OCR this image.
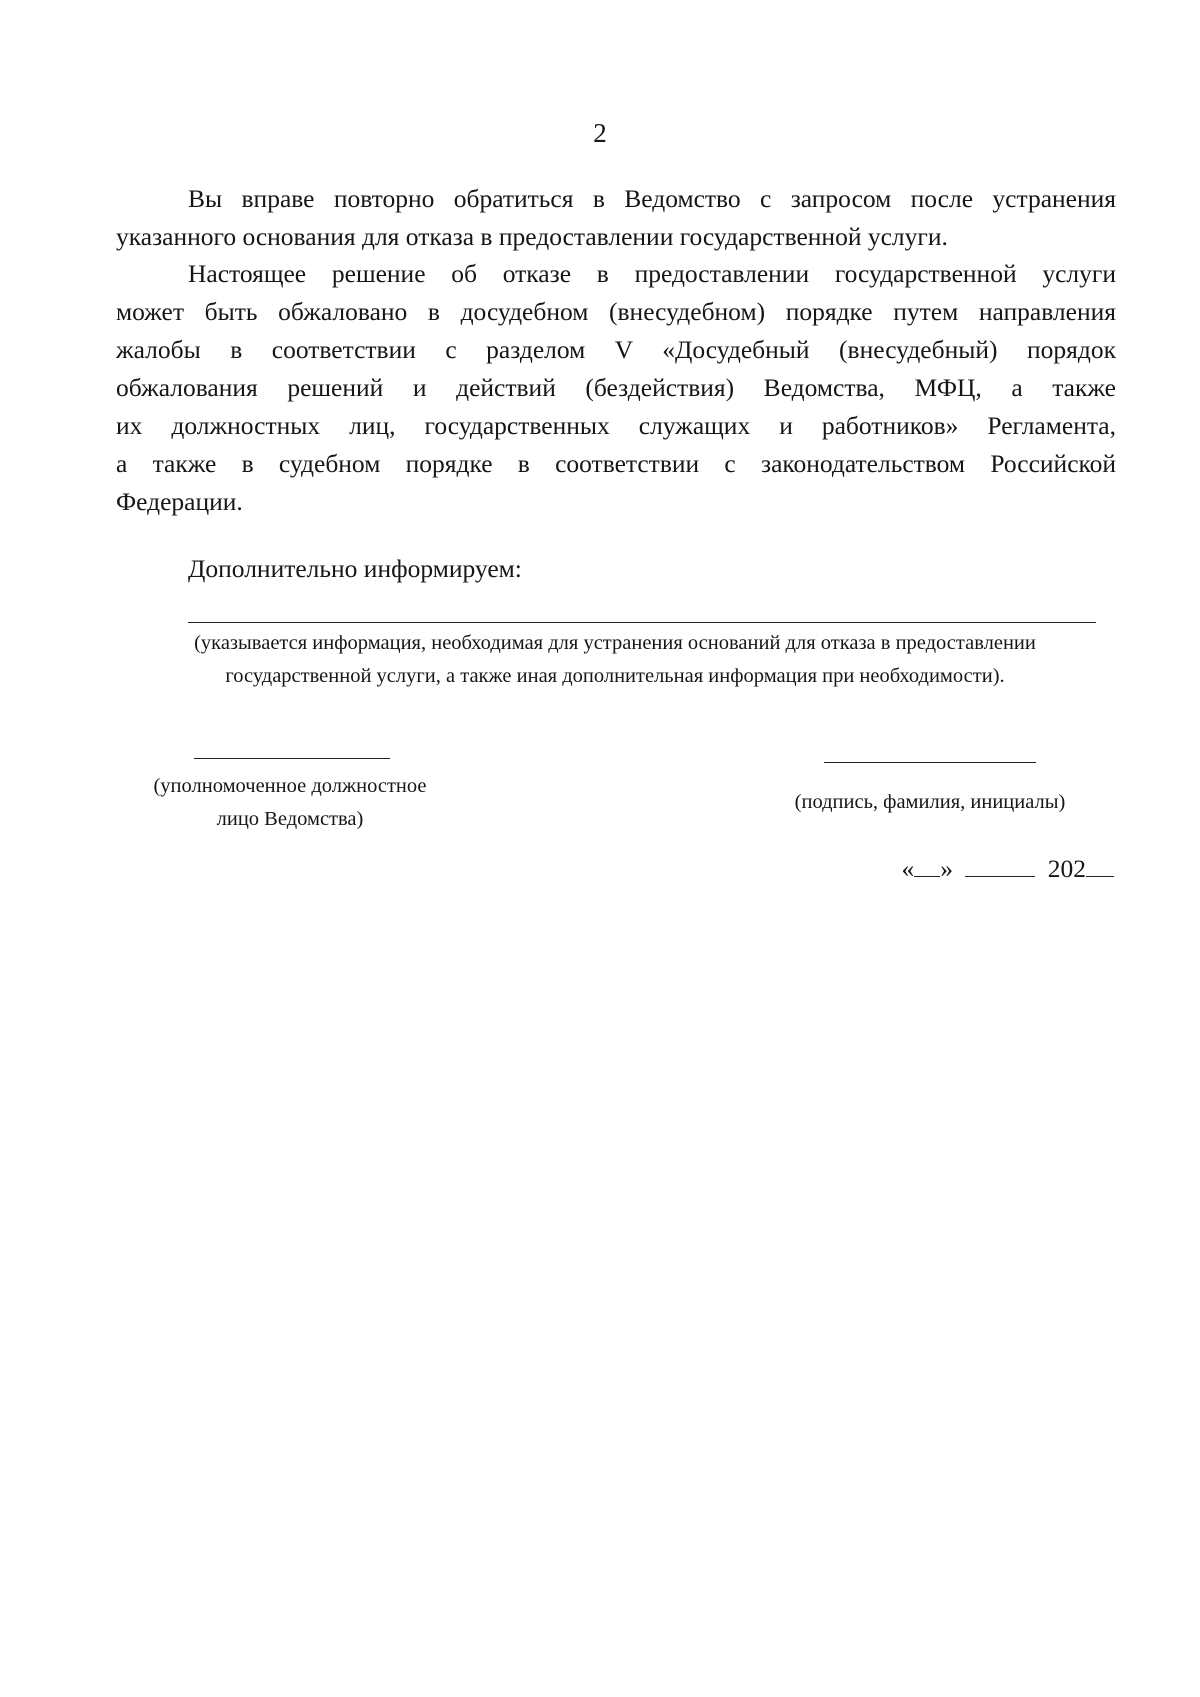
2
Вы вправе повторно обратиться в Ведомство с запросом после устранения
указанного основания для отказа в предоставлении государственной услуги.
Настоящее решение об отказе в предоставлении государственной услуги
может быть обжаловано в досудебном (внесудебном) порядке путем направления
жалобы в соответствии с разделом V «Досудебный (внесудебный) порядок
обжалования решений и действий (бездействия) Ведомства, МФЦ, а также
их должностных лиц, государственных служащих и работников» Регламента,
а также в судебном порядке в соответствии с законодательством Российской
Федерации.
Дополнительно информируем:
(указывается информация, необходимая для устранения оснований для отказа в предоставлении
государственной услуги, а также иная дополнительная информация при необходимости).
(уполномоченное должностное
лицо Ведомства)
(подпись, фамилия, инициалы)
« »	202
